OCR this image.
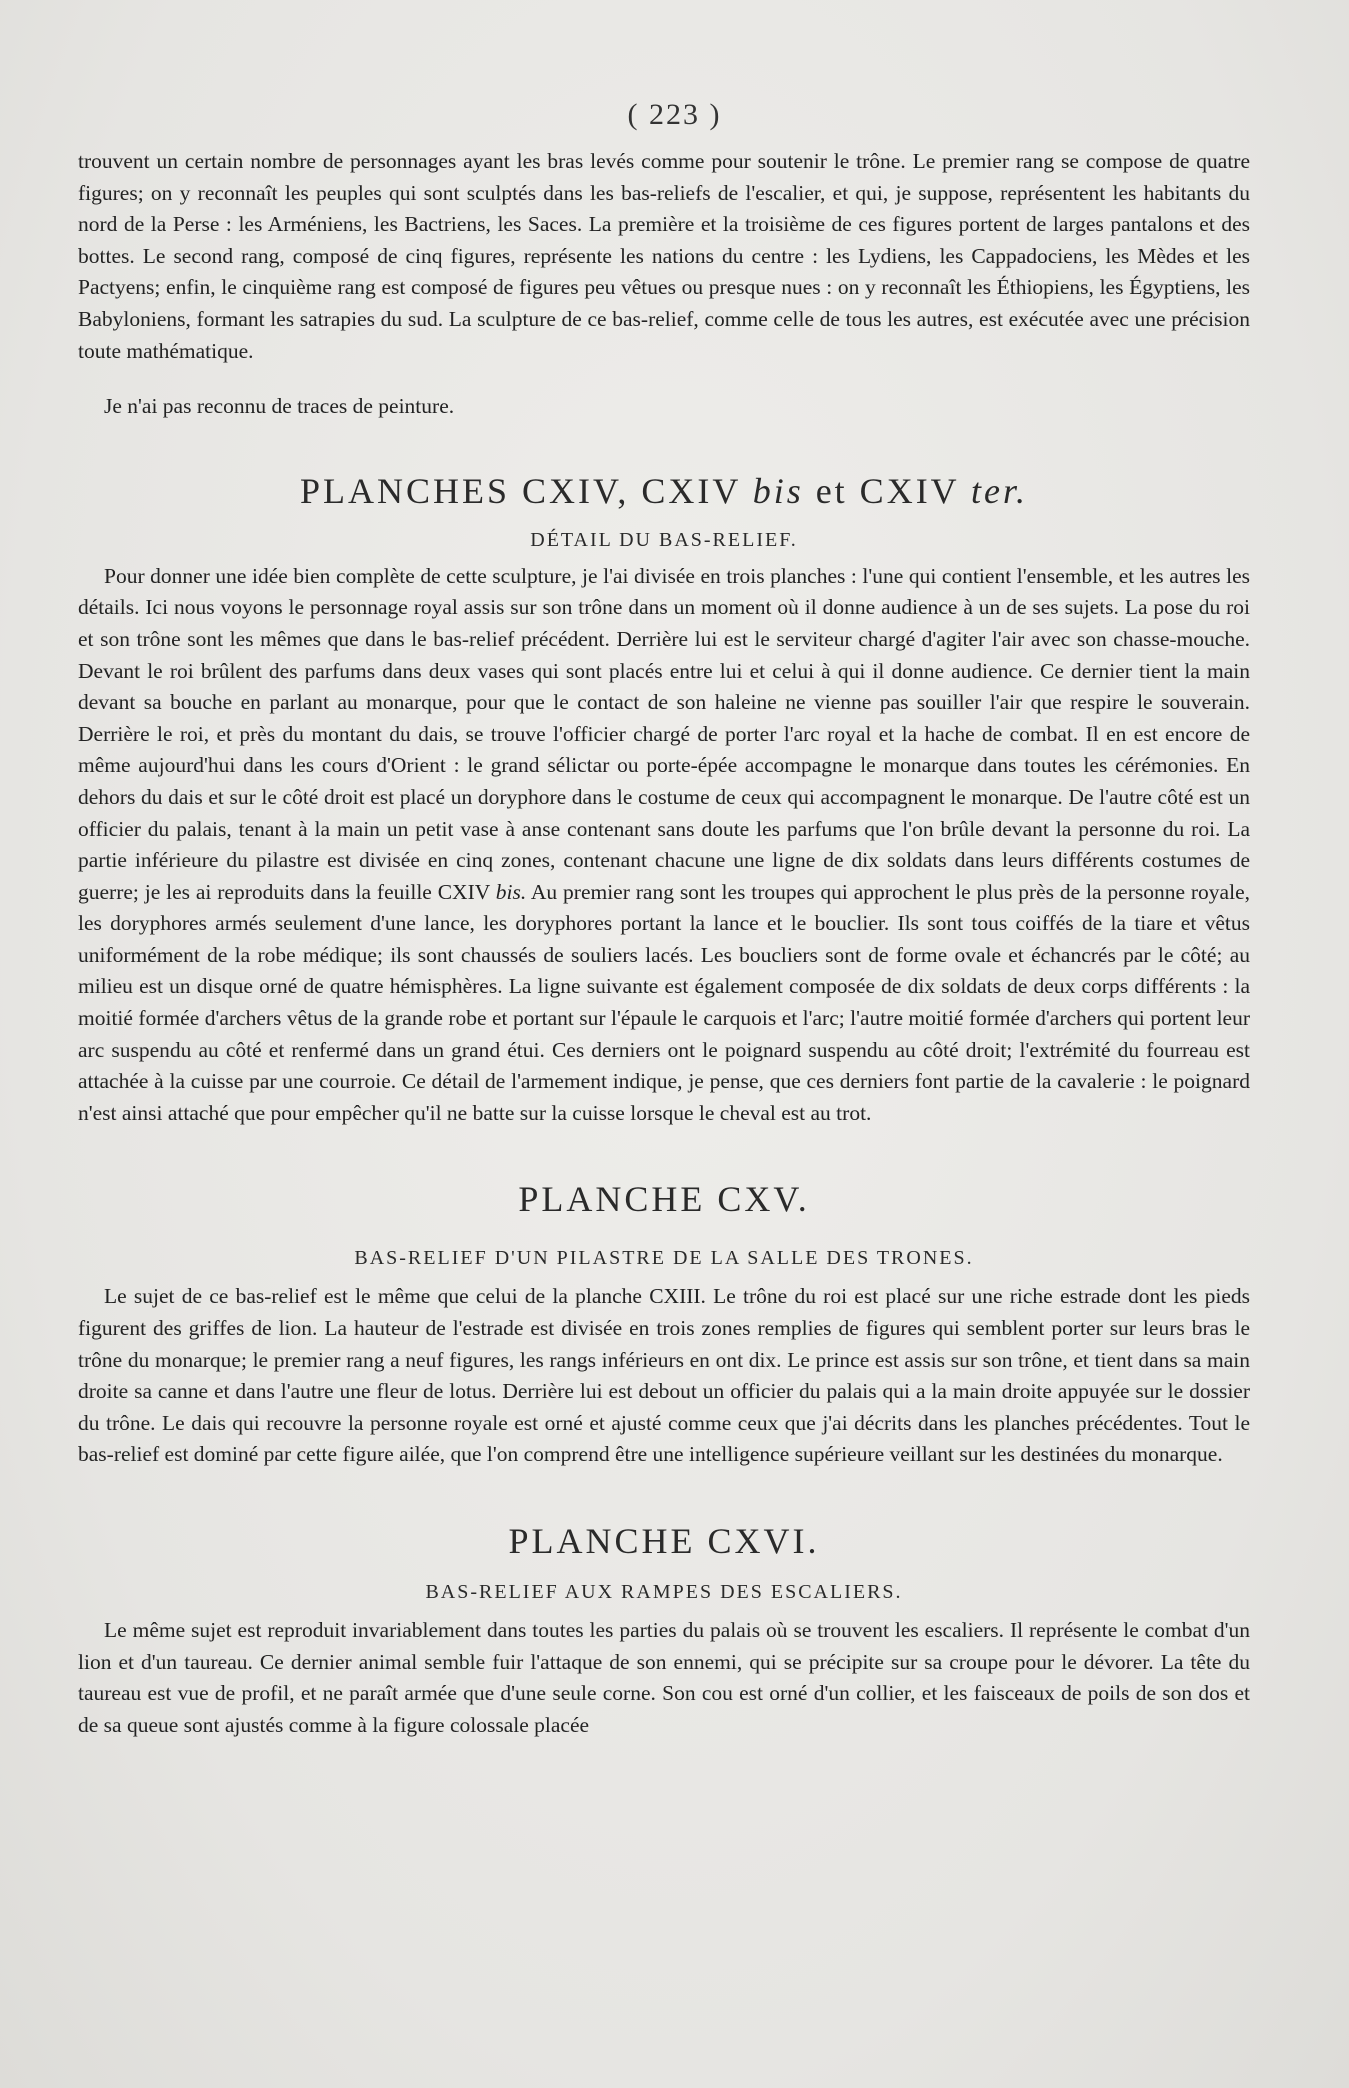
( 223 )

trouvent un certain nombre de personnages ayant les bras levés comme pour soutenir le trône. Le premier rang se compose de quatre figures; on y reconnaît les peuples qui sont sculptés dans les bas-reliefs de l'escalier, et qui, je suppose, représentent les habitants du nord de la Perse : les Arméniens, les Bactriens, les Saces. La première et la troisième de ces figures portent de larges pantalons et des bottes. Le second rang, composé de cinq figures, représente les nations du centre : les Lydiens, les Cappadociens, les Mèdes et les Pactyens; enfin, le cinquième rang est composé de figures peu vêtues ou presque nues : on y reconnaît les Éthiopiens, les Égyptiens, les Babyloniens, formant les satrapies du sud. La sculpture de ce bas-relief, comme celle de tous les autres, est exécutée avec une précision toute mathématique.

Je n'ai pas reconnu de traces de peinture.

PLANCHES CXIV, CXIV bis et CXIV ter.
DÉTAIL DU BAS-RELIEF.

Pour donner une idée bien complète de cette sculpture, je l'ai divisée en trois planches : l'une qui contient l'ensemble, et les autres les détails. Ici nous voyons le personnage royal assis sur son trône dans un moment où il donne audience à un de ses sujets. La pose du roi et son trône sont les mêmes que dans le bas-relief précédent. Derrière lui est le serviteur chargé d'agiter l'air avec son chasse-mouche. Devant le roi brûlent des parfums dans deux vases qui sont placés entre lui et celui à qui il donne audience. Ce dernier tient la main devant sa bouche en parlant au monarque, pour que le contact de son haleine ne vienne pas souiller l'air que respire le souverain. Derrière le roi, et près du montant du dais, se trouve l'officier chargé de porter l'arc royal et la hache de combat. Il en est encore de même aujourd'hui dans les cours d'Orient : le grand sélictar ou porte-épée accompagne le monarque dans toutes les cérémonies. En dehors du dais et sur le côté droit est placé un doryphore dans le costume de ceux qui accompagnent le monarque. De l'autre côté est un officier du palais, tenant à la main un petit vase à anse contenant sans doute les parfums que l'on brûle devant la personne du roi. La partie inférieure du pilastre est divisée en cinq zones, contenant chacune une ligne de dix soldats dans leurs différents costumes de guerre; je les ai reproduits dans la feuille CXIV bis. Au premier rang sont les troupes qui approchent le plus près de la personne royale, les doryphores armés seulement d'une lance, les doryphores portant la lance et le bouclier. Ils sont tous coiffés de la tiare et vêtus uniformément de la robe médique; ils sont chaussés de souliers lacés. Les boucliers sont de forme ovale et échancrés par le côté; au milieu est un disque orné de quatre hémisphères. La ligne suivante est également composée de dix soldats de deux corps différents : la moitié formée d'archers vêtus de la grande robe et portant sur l'épaule le carquois et l'arc; l'autre moitié formée d'archers qui portent leur arc suspendu au côté et renfermé dans un grand étui. Ces derniers ont le poignard suspendu au côté droit; l'extrémité du fourreau est attachée à la cuisse par une courroie. Ce détail de l'armement indique, je pense, que ces derniers font partie de la cavalerie : le poignard n'est ainsi attaché que pour empêcher qu'il ne batte sur la cuisse lorsque le cheval est au trot.

PLANCHE CXV.
BAS-RELIEF D'UN PILASTRE DE LA SALLE DES TRONES.

Le sujet de ce bas-relief est le même que celui de la planche CXIII. Le trône du roi est placé sur une riche estrade dont les pieds figurent des griffes de lion. La hauteur de l'estrade est divisée en trois zones remplies de figures qui semblent porter sur leurs bras le trône du monarque; le premier rang a neuf figures, les rangs inférieurs en ont dix. Le prince est assis sur son trône, et tient dans sa main droite sa canne et dans l'autre une fleur de lotus. Derrière lui est debout un officier du palais qui a la main droite appuyée sur le dossier du trône. Le dais qui recouvre la personne royale est orné et ajusté comme ceux que j'ai décrits dans les planches précédentes. Tout le bas-relief est dominé par cette figure ailée, que l'on comprend être une intelligence supérieure veillant sur les destinées du monarque.

PLANCHE CXVI.
BAS-RELIEF AUX RAMPES DES ESCALIERS.

Le même sujet est reproduit invariablement dans toutes les parties du palais où se trouvent les escaliers. Il représente le combat d'un lion et d'un taureau. Ce dernier animal semble fuir l'attaque de son ennemi, qui se précipite sur sa croupe pour le dévorer. La tête du taureau est vue de profil, et ne paraît armée que d'une seule corne. Son cou est orné d'un collier, et les faisceaux de poils de son dos et de sa queue sont ajustés comme à la figure colossale placée
